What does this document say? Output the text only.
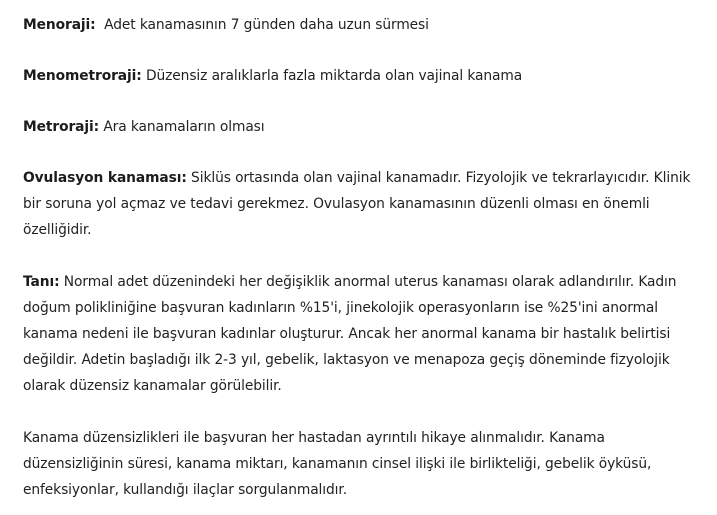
Menoraji:  Adet kanamasının 7 günden daha uzun sürmesi

Menometroraji: Düzensiz aralıklarla fazla miktarda olan vajinal kanama

Metroraji: Ara kanamaların olması

Ovulasyon kanaması: Siklüs ortasında olan vajinal kanamadır. Fizyolojik ve tekrarlayıcıdır. Klinik bir soruna yol açmaz ve tedavi gerekmez. Ovulasyon kanamasının düzenli olması en önemli özelliğidir.

Tanı: Normal adet düzenindeki her değişiklik anormal uterus kanaması olarak adlandırılır. Kadın doğum polikliniğine başvuran kadınların %15'i, jinekolojik operasyonların ise %25'ini anormal kanama nedeni ile başvuran kadınlar oluşturur. Ancak her anormal kanama bir hastalık belirtisi değildir. Adetin başladığı ilk 2-3 yıl, gebelik, laktasyon ve menapoza geçiş döneminde fizyolojik olarak düzensiz kanamalar görülebilir.

Kanama düzensizlikleri ile başvuran her hastadan ayrıntılı hikaye alınmalıdır. Kanama düzensizliğinin süresi, kanama miktarı, kanamanın cinsel ilişki ile birlikteliği, gebelik öyküsü, enfeksiyonlar, kullandığı ilaçlar sorgulanmalıdır.
